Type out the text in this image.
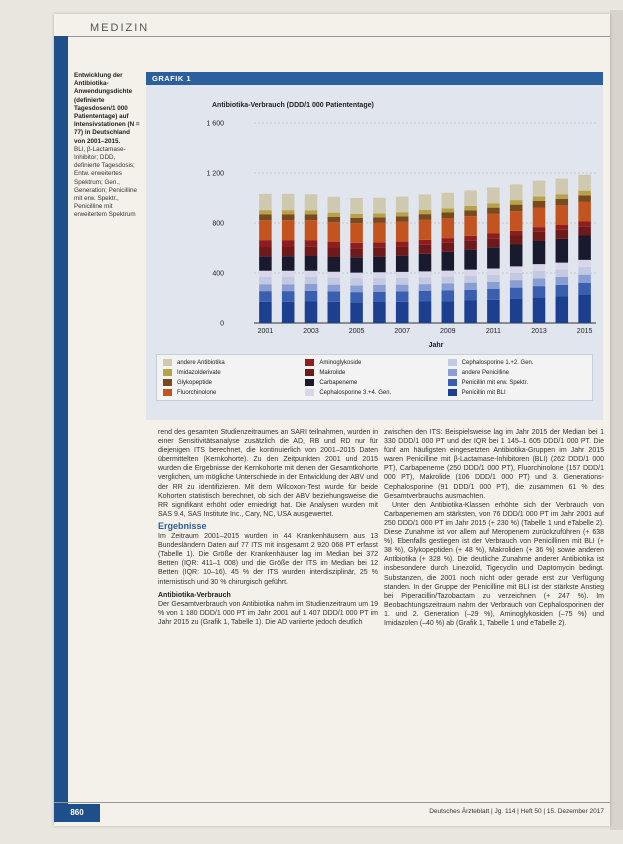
MEDIZIN
Entwicklung der Antibiotika-Anwendungsdichte (definierte Tagesdosen/1 000 Patiententage) auf Intensivstationen (N = 77) in Deutschland von 2001–2015.
BLI, β-Lactamase-Inhibitor; DDD, definierte Tagesdosis; Entw. erweitertes Spektrum; Gen., Generation; Penicilline mit erw. Spektr., Penicilline mit erweitertem Spektrum
GRAFIK 1
Antibiotika-Verbrauch (DDD/1 000 Patiententage)
0
400
800
1 200
1 600
2001	2003	2005	2007	2009	2011	2013	2015
Jahr
andere Antibiotika	Aminoglykoside	Cephalosporine 1.+2. Gen.
Imidazolderivate	Makrolide	andere Penicilline
Glykopeptide	Carbapeneme	Penicillin mit erw. Spektr.
Fluorchinolone	Cephalosporine 3.+4. Gen.	Penicillin mit BLI

rend des gesamten Studienzeitraumes an SARI teilnahmen, wurden in einer Sensitivitätsanalyse zusätzlich die AD, RB und RD nur für diejenigen ITS berechnet, die kontinuierlich von 2001–2015 Daten übermittelten (Kernkohorte). Zu den Zeitpunkten 2001 und 2015 wurden die Ergebnisse der Kernkohorte mit denen der Gesamtkohorte verglichen, um mögliche Unterschiede in der Entwicklung der ABV und der RR zu identifizieren. Mit dem Wilcoxon-Test wurde für beide Kohorten statistisch berechnet, ob sich der ABV beziehungsweise die RR signifikant erhöht oder erniedrigt hat. Die Analysen wurden mit SAS 9.4, SAS Institute Inc., Cary, NC, USA ausgewertet.

Ergebnisse

Im Zeitraum 2001–2015 wurden in 44 Krankenhäusern aus 13 Bundesländern Daten auf 77 ITS mit insgesamt 2 920 068 PT erfasst (Tabelle 1). Die Größe der Krankenhäuser lag im Median bei 372 Betten (IQR: 411–1 008) und die Größe der ITS im Median bei 12 Betten (IQR: 10–16). 45 % der ITS wurden interdisziplinär, 25 % internistisch und 30 % chirurgisch geführt.

Antibiotika-Verbrauch

Der Gesamtverbrauch von Antibiotika nahm im Studienzeitraum um 19 % von 1 180 DDD/1 000 PT im Jahr 2001 auf 1 407 DDD/1 000 PT im Jahr 2015 zu (Grafik 1, Tabelle 1). Die AD variierte jedoch deutlich

zwischen den ITS: Beispielsweise lag im Jahr 2015 der Median bei 1 330 DDD/1 000 PT und der IQR bei 1 145–1 605 DDD/1 000 PT. Die fünf am häufigsten eingesetzten Antibiotika-Gruppen im Jahr 2015 waren Penicilline mit β-Lactamase-Inhibitoren (BLI) (262 DDD/1 000 PT), Carbapeneme (250 DDD/1 000 PT), Fluorchinolone (157 DDD/1 000 PT), Makrolide (106 DDD/1 000 PT) und 3. Generations-Cephalosporine (91 DDD/1 000 PT), die zusammen 61 % des Gesamtverbrauchs ausmachten.

Unter den Antibiotika-Klassen erhöhte sich der Verbrauch von Carbapenemen am stärksten, von 76 DDD/1 000 PT im Jahr 2001 auf 250 DDD/1 000 PT im Jahr 2015 (+ 230 %) (Tabelle 1 und eTabelle 2). Diese Zunahme ist vor allem auf Meropenem zurückzuführen (+ 638 %). Ebenfalls gestiegen ist der Verbrauch von Penicillinen mit BLI (+ 38 %), Glykopeptiden (+ 48 %), Makroliden (+ 36 %) sowie anderen Antibiotika (+ 328 %). Die deutliche Zunahme anderer Antibiotika ist insbesondere durch Linezolid, Tigecyclin und Daptomycin bedingt. Substanzen, die 2001 noch nicht oder gerade erst zur Verfügung standen. In der Gruppe der Penicilline mit BLI ist der stärkste Anstieg bei Piperacillin/Tazobactam zu verzeichnen (+ 247 %). Im Beobachtungszeitraum nahm der Verbrauch von Cephalosporinen der 1. und 2. Generation (–29 %), Aminoglykosiden (–75 %) und Imidazolen (–40 %) ab (Grafik 1, Tabelle 1 und eTabelle 2).

860	Deutsches Ärzteblatt | Jg. 114 | Heft 50 | 15. Dezember 2017
